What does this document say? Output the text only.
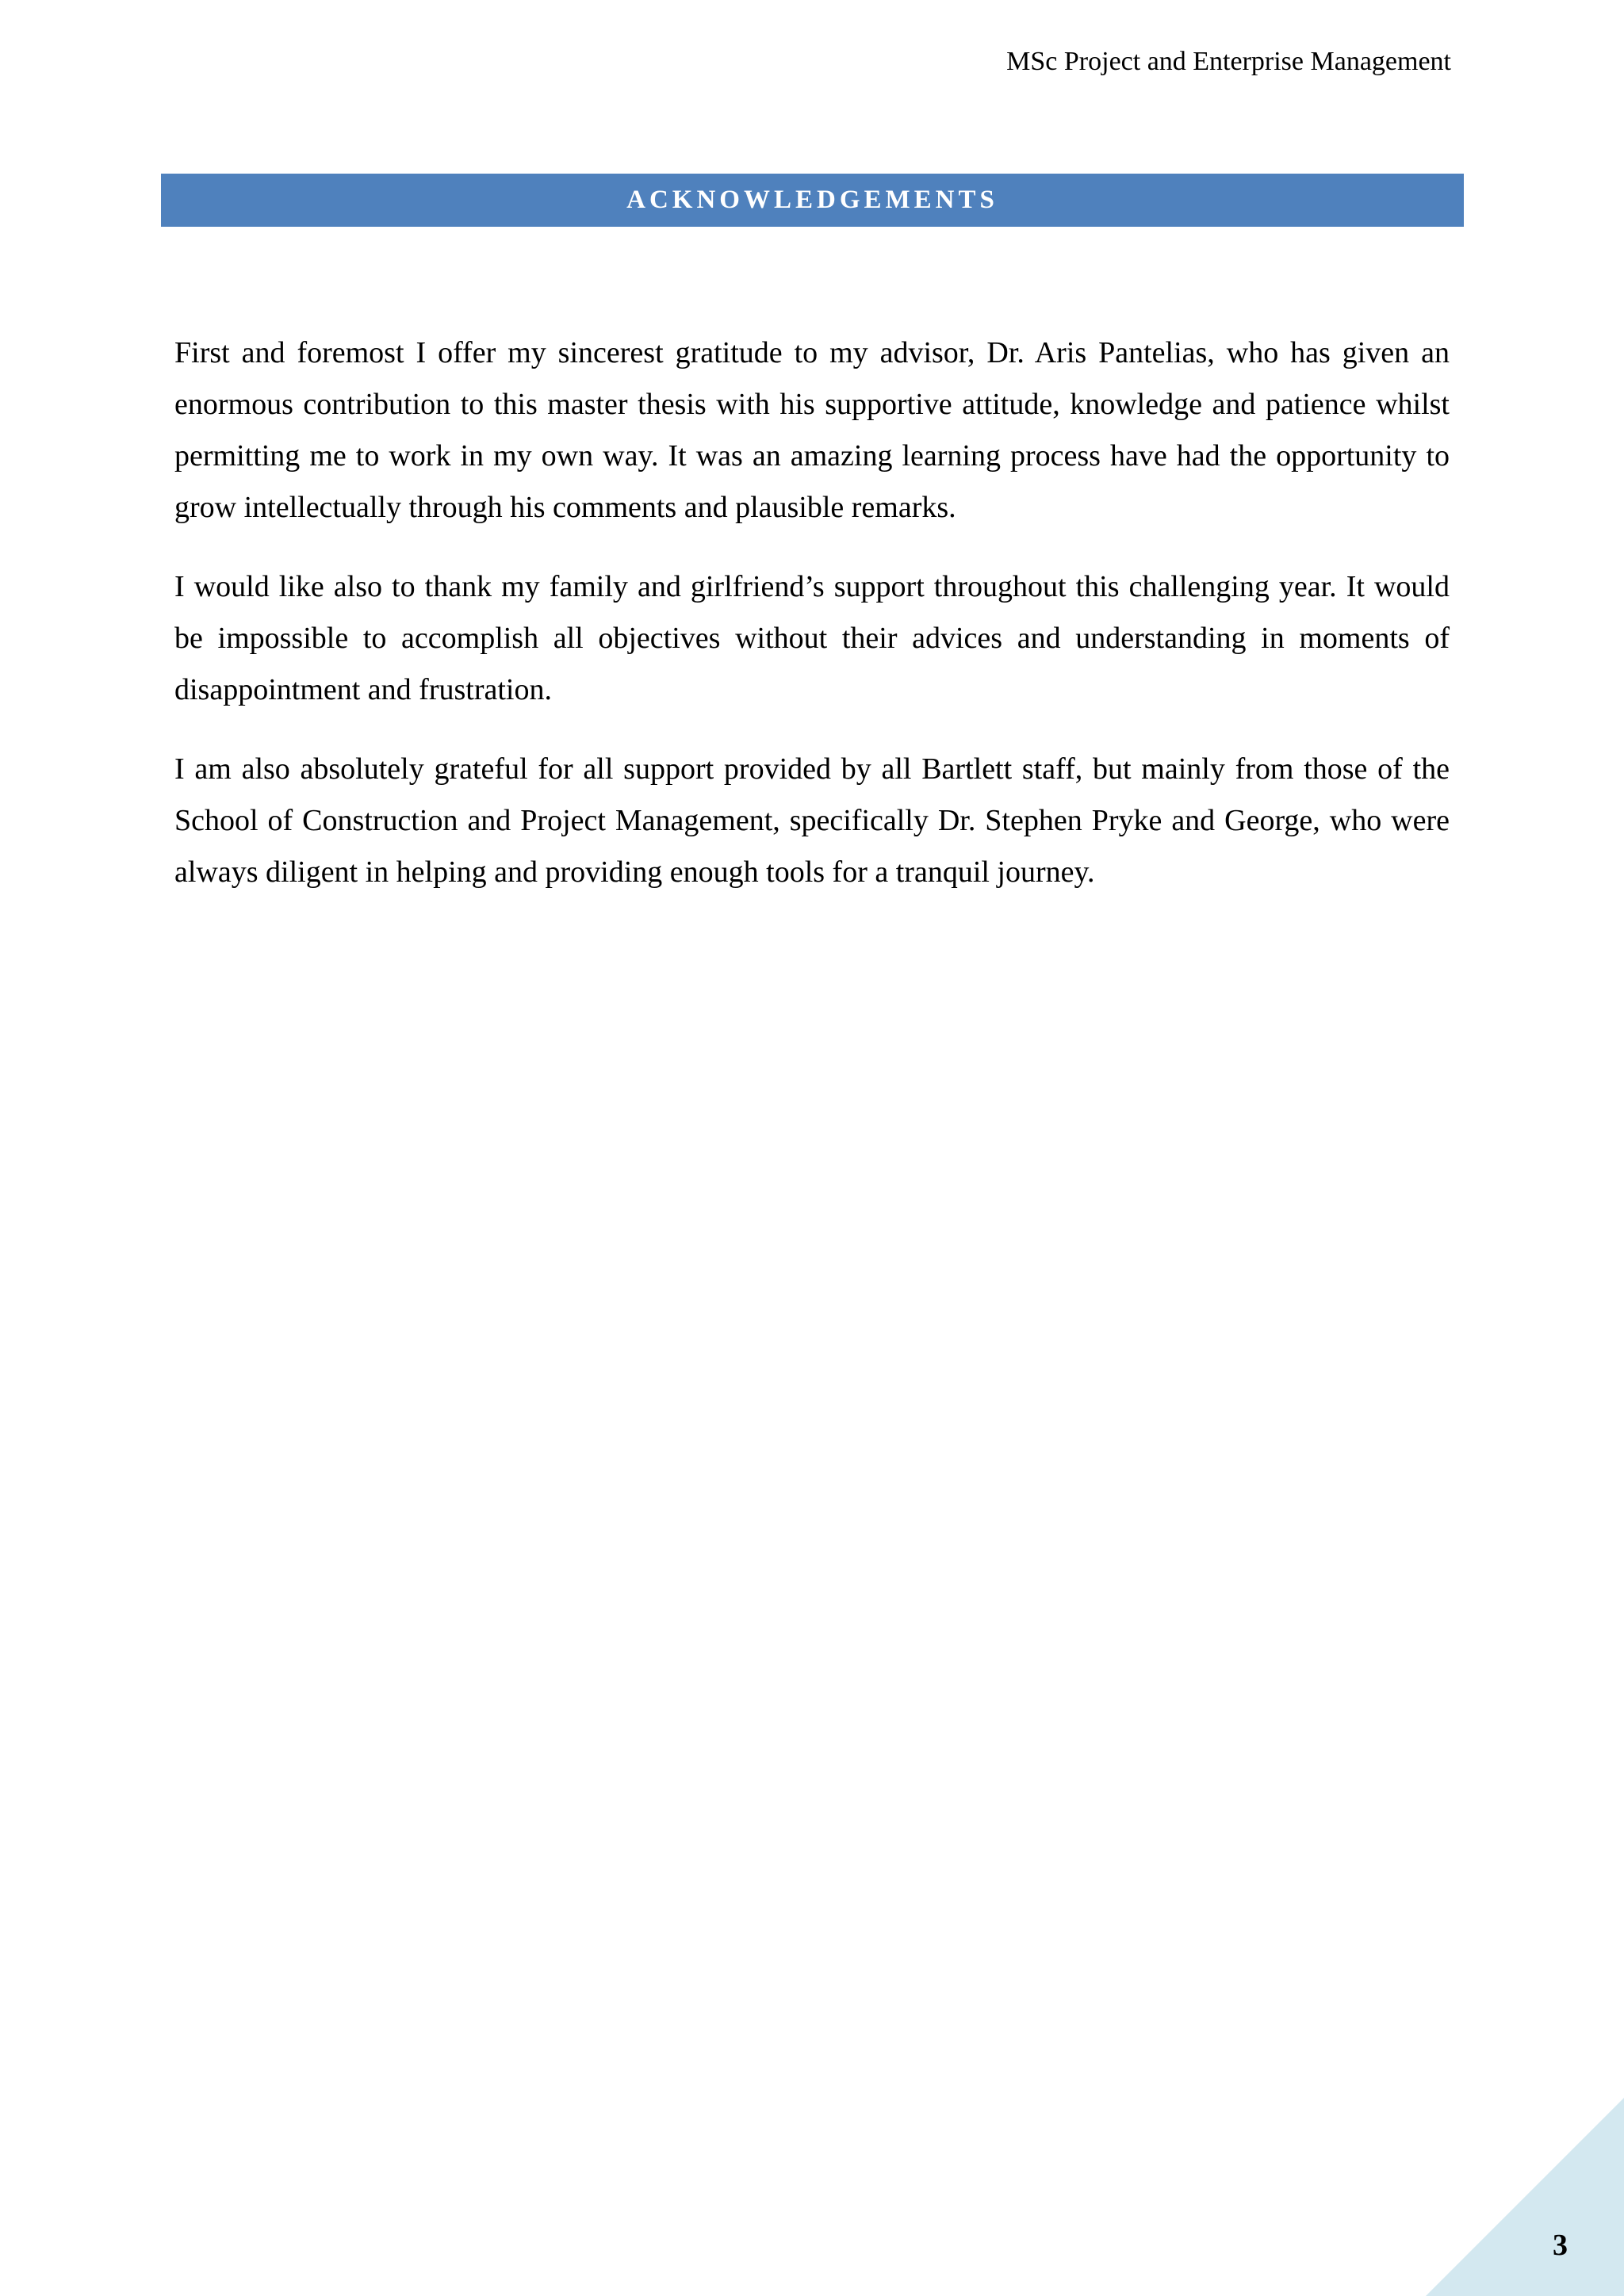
MSc Project and Enterprise Management
ACKNOWLEDGEMENTS

First and foremost I offer my sincerest gratitude to my advisor, Dr. Aris Pantelias, who has given an enormous contribution to this master thesis with his supportive attitude, knowledge and patience whilst permitting me to work in my own way. It was an amazing learning process have had the opportunity to grow intellectually through his comments and plausible remarks.

I would like also to thank my family and girlfriend’s support throughout this challenging year. It would be impossible to accomplish all objectives without their advices and understanding in moments of disappointment and frustration.

I am also absolutely grateful for all support provided by all Bartlett staff, but mainly from those of the School of Construction and Project Management, specifically Dr. Stephen Pryke and George, who were always diligent in helping and providing enough tools for a tranquil journey.

3
